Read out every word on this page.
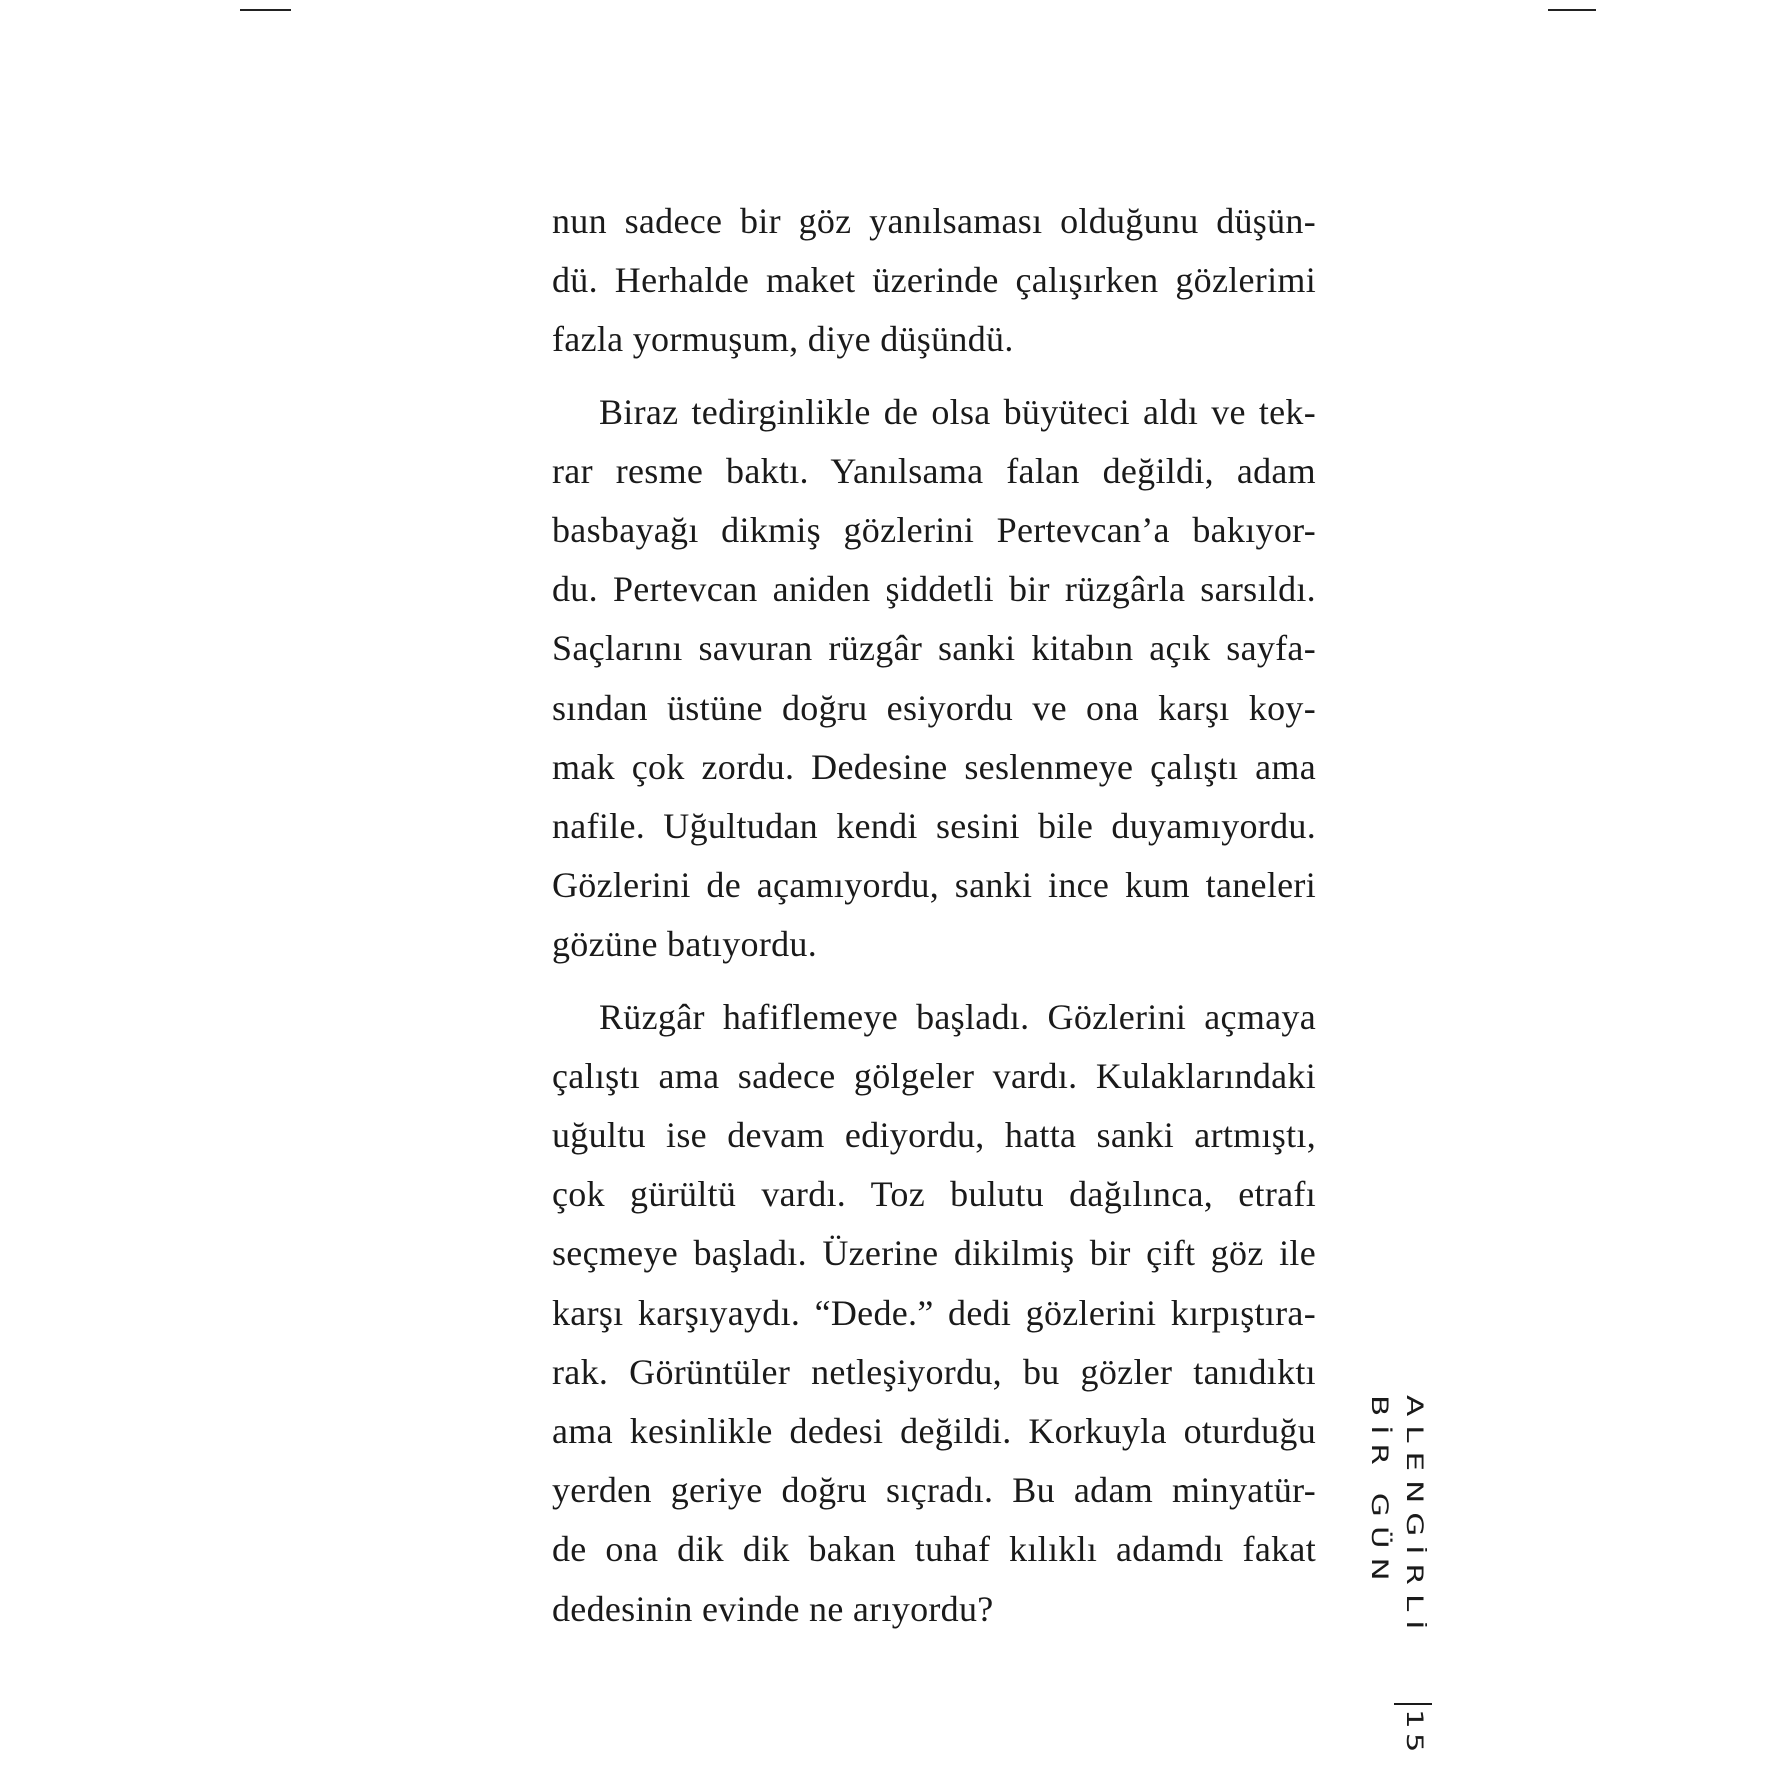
nun sadece bir göz yanılsaması olduğunu düşün-
dü. Herhalde maket üzerinde çalışırken gözlerimi
fazla yormuşum, diye düşündü.

Biraz tedirginlikle de olsa büyüteci aldı ve tek-
rar resme baktı. Yanılsama falan değildi, adam
basbayağı dikmiş gözlerini Pertevcan’a bakıyor-
du. Pertevcan aniden şiddetli bir rüzgârla sarsıldı.
Saçlarını savuran rüzgâr sanki kitabın açık sayfa-
sından üstüne doğru esiyordu ve ona karşı koy-
mak çok zordu. Dedesine seslenmeye çalıştı ama
nafile. Uğultudan kendi sesini bile duyamıyordu.
Gözlerini de açamıyordu, sanki ince kum taneleri
gözüne batıyordu.

Rüzgâr hafiflemeye başladı. Gözlerini açmaya
çalıştı ama sadece gölgeler vardı. Kulaklarındaki
uğultu ise devam ediyordu, hatta sanki artmıştı,
çok gürültü vardı. Toz bulutu dağılınca, etrafı
seçmeye başladı. Üzerine dikilmiş bir çift göz ile
karşı karşıyaydı. “Dede.” dedi gözlerini kırpıştıra-
rak. Görüntüler netleşiyordu, bu gözler tanıdıktı
ama kesinlikle dedesi değildi. Korkuyla oturduğu
yerden geriye doğru sıçradı. Bu adam minyatür-
de ona dik dik bakan tuhaf kılıklı adamdı fakat
dedesinin evinde ne arıyordu?	ALENGİRLİ BİR GÜN
15
